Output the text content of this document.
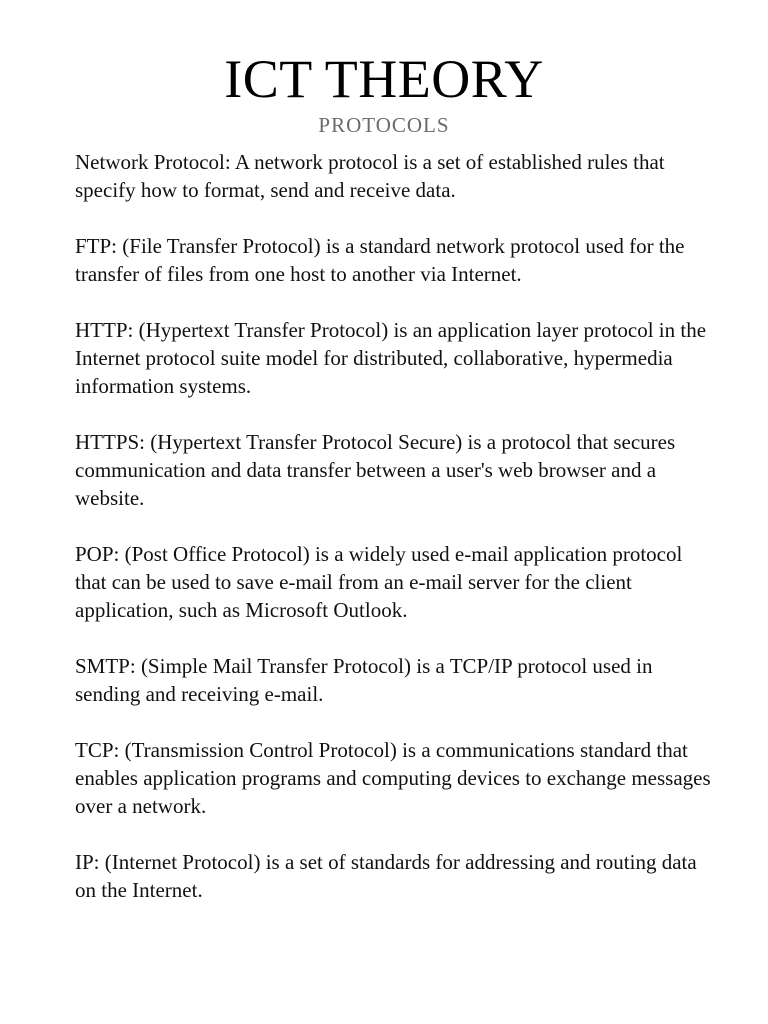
ICT THEORY
PROTOCOLS

Network Protocol: A network protocol is a set of established rules that specify how to format, send and receive data.

FTP: (File Transfer Protocol) is a standard network protocol used for the transfer of files from one host to another via Internet.

HTTP: (Hypertext Transfer Protocol) is an application layer protocol in the Internet protocol suite model for distributed, collaborative, hypermedia information systems.

HTTPS: (Hypertext Transfer Protocol Secure) is a protocol that secures communication and data transfer between a user's web browser and a website.

POP: (Post Office Protocol) is a widely used e-mail application protocol that can be used to save e-mail from an e-mail server for the client application, such as Microsoft Outlook.

SMTP: (Simple Mail Transfer Protocol) is a TCP/IP protocol used in sending and receiving e-mail.

TCP: (Transmission Control Protocol) is a communications standard that enables application programs and computing devices to exchange messages over a network.

IP: (Internet Protocol) is a set of standards for addressing and routing data on the Internet.
